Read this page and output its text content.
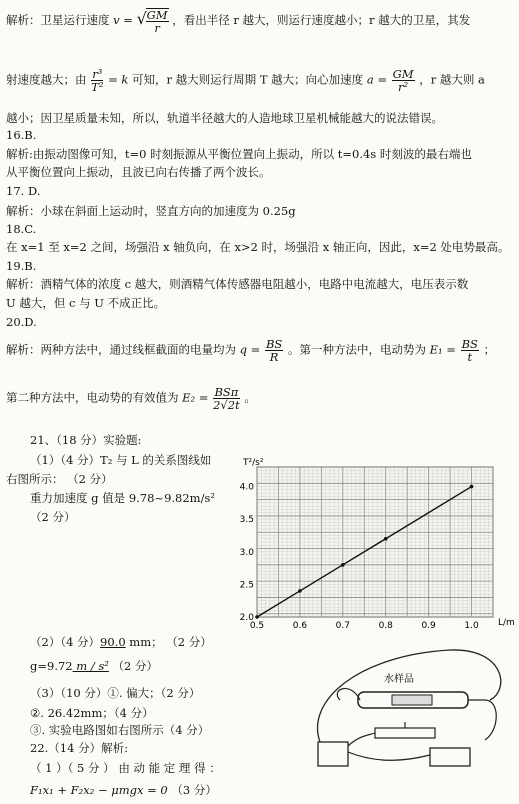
解析：卫星运行速度 v =
√ $\frac{GM}{r}$ ，看出半径 r 越大，则运行速度越小；r 越大的卫星，其发
射速度越大；由 $\frac{\text{r³}}{\text{T²}} = k$ 可知，r 越大则运行周期 T 越大；向心加速度 $a = \frac{GM}{\text{r²}}$ ，r 越大则 a
越小；因卫星质量未知，所以，轨道半径越大的人造地球卫星机械能越大的说法错误。
16.B.
解析:由振动图像可知，t=0 时刻振源从平衡位置向上振动，所以 t=0.4s 时刻波的最右端也
从平衡位置向上振动，且波已向右传播了两个波长。
17. D.
解析：小球在斜面上运动时，竖直方向的加速度为 0.25g
18.C.
在 x=1 至 x=2 之间，场强沿 x 轴负向，在 x>2 时，场强沿 x 轴正向，因此，x=2 处电势最高。
19.B.
解析：酒精气体的浓度 c 越大，则酒精气体传感器电阻越小，电路中电流越大，电压表示数
U 越大，但 c 与 U 不成正比。
20.D.
解析：两种方法中，通过线框截面的电量均为 $q = \frac{BS}{R}$ 。第一种方法中，电动势为 $E_1 = \frac{BS}{t}$ ；
第二种方法中，电动势的有效值为 $E_2 = \frac{\text{BSπ}}{2√2t}$ 。
21、（18 分）实验题:
（1）（4 分）T₂ 与 L 的关系图线如
右图所示： （2 分）
重力加速度 g 值是 9.78~9.82m/s²
（2 分）
0.5	0.6	0.7	0.8	0.9	1.0
2.0
2.5
3.0
3.5
4.0
L/m
T²/s²
（2）（4 分）90.0 mm； （2 分）
g=9.72 m / s² （2 分）
（3）（10 分）①. 偏大；（2 分）
②. 26.42mm；（4 分）
③. 实验电路图如右图所示（4 分）
22.（14 分）解析:
（ 1 ）（ 5 分 ） 由 动 能 定 理 得 ：
F₁x₁ + F₂x₂ − μmgx = 0 （3 分）
水样品
